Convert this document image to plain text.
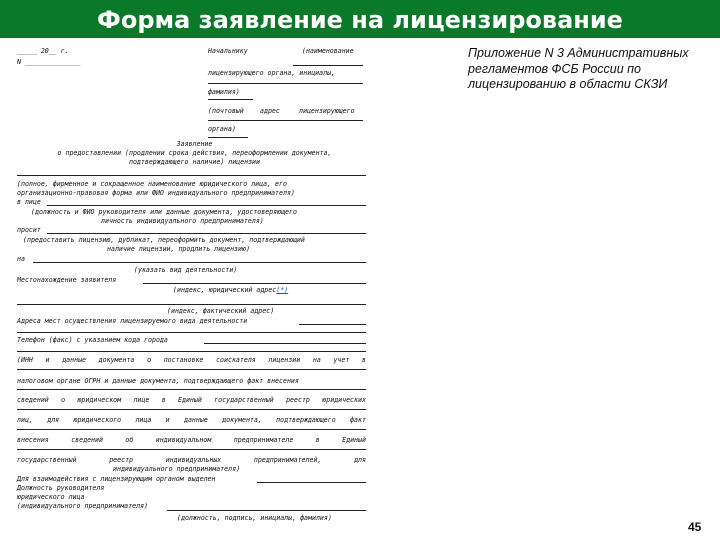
Форма заявление на лицензирование
_____ 20__ г.
N ______________
Начальнику	(наименование
лицензирующего органа, инициалы,
фамилия)
(почтовый адрес	лицензирующего
органа)
Заявление
о предоставлении (продлении срока действия, переоформлении документа,
подтверждающего наличие) лицензии
(полное, фирменное и сокращенное наименование юридического лица, его
организационно-правовая форма или ФИО индивидуального предпринимателя)
в лице
(должность и ФИО руководителя или данные документа, удостоверяющего
личность индивидуального предпринимателя)
просит
(предоставить лицензию, дубликат, переоформить документ, подтверждающий
наличие лицензии, продлить лицензию)
на
(указать вид деятельности)
Местонахождение заявителя
(индекс, юридический адрес(*)
(индекс, фактический адрес)
Адреса мест осуществления лицензируемого вида деятельности
Телефон (факс) с указанием кода города
(ИНН и данные документа о постановке соискателя лицензии на учет в
налоговом органе ОГРН и данные документа, подтверждающего факт внесения
сведений о юридическом лице в Единый государственный реестр юридических
лиц, для юридического лица и данные документа, подтверждающего факт
внесения	сведений	об	индивидуальном	предпринимателе	в	Единый
государственный	реестр	индивидуальных	предпринимателей,	для
индивидуального предпринимателя)
Для взаимодействия с лицензирующим органом выделен
Должность руководителя
юридического лица
(индивидуального предпринимателя)
(должность, подпись, инициалы, фамилия)
Приложение N 3 Административных регламентов ФСБ России по лицензированию в области СКЗИ
45
